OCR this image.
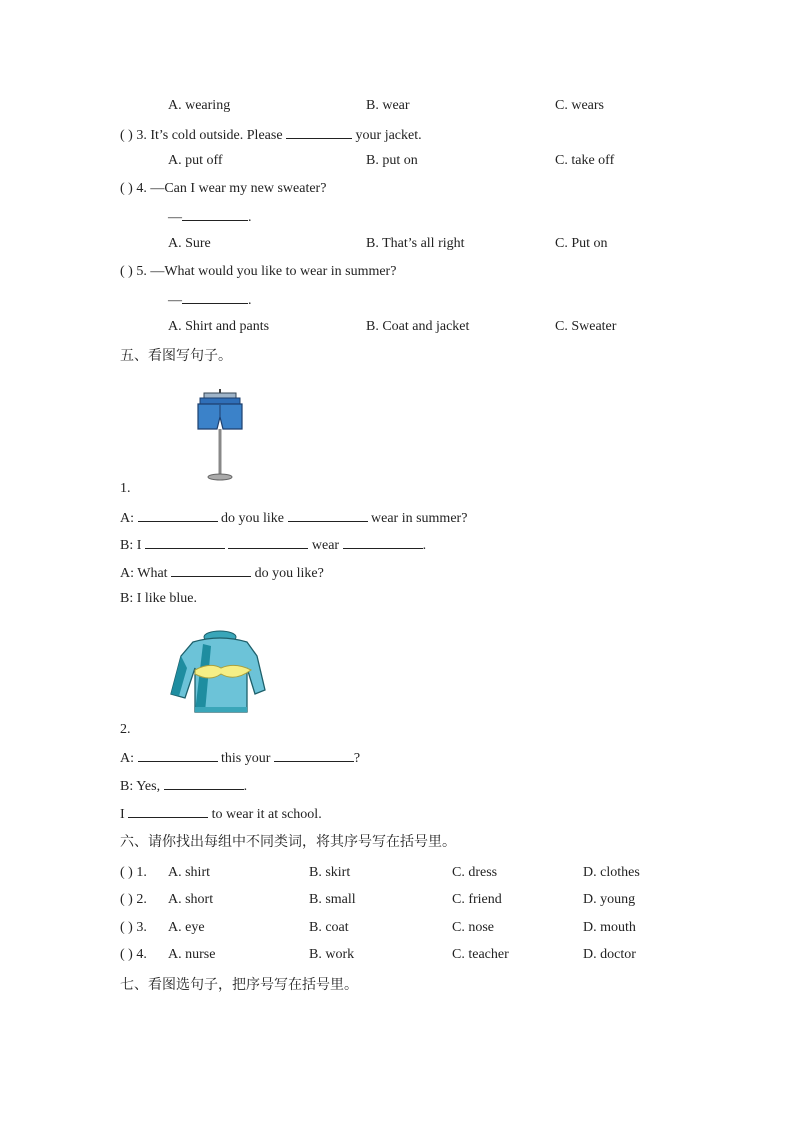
A. wearing	B. wear	C. wears
( ) 3. It’s cold outside. Please	your jacket.
A. put off	B. put on	C. take off
( ) 4. —Can I wear my new sweater?
—	.
A. Sure	B. That’s all right	C. Put on
( ) 5. —What would you like to wear in summer?
—	.
A. Shirt and pants	B. Coat and jacket	C. Sweater
五、看图写句子。
1.
A:	do you like	wear in summer?
B: I	wear	.
A: What	do you like?
B: I like blue.
2.
A:	this your	?
B: Yes,	.
I	to wear it at school.
六、请你找出每组中不同类词，将其序号写在括号里。
( ) 1. A. shirt	B. skirt	C. dress	D. clothes
( ) 2. A. short	B. small	C. friend	D. young
( ) 3. A. eye	B. coat	C. nose	D. mouth
( ) 4. A. nurse	B. work	C. teacher	D. doctor
七、看图选句子，把序号写在括号里。
